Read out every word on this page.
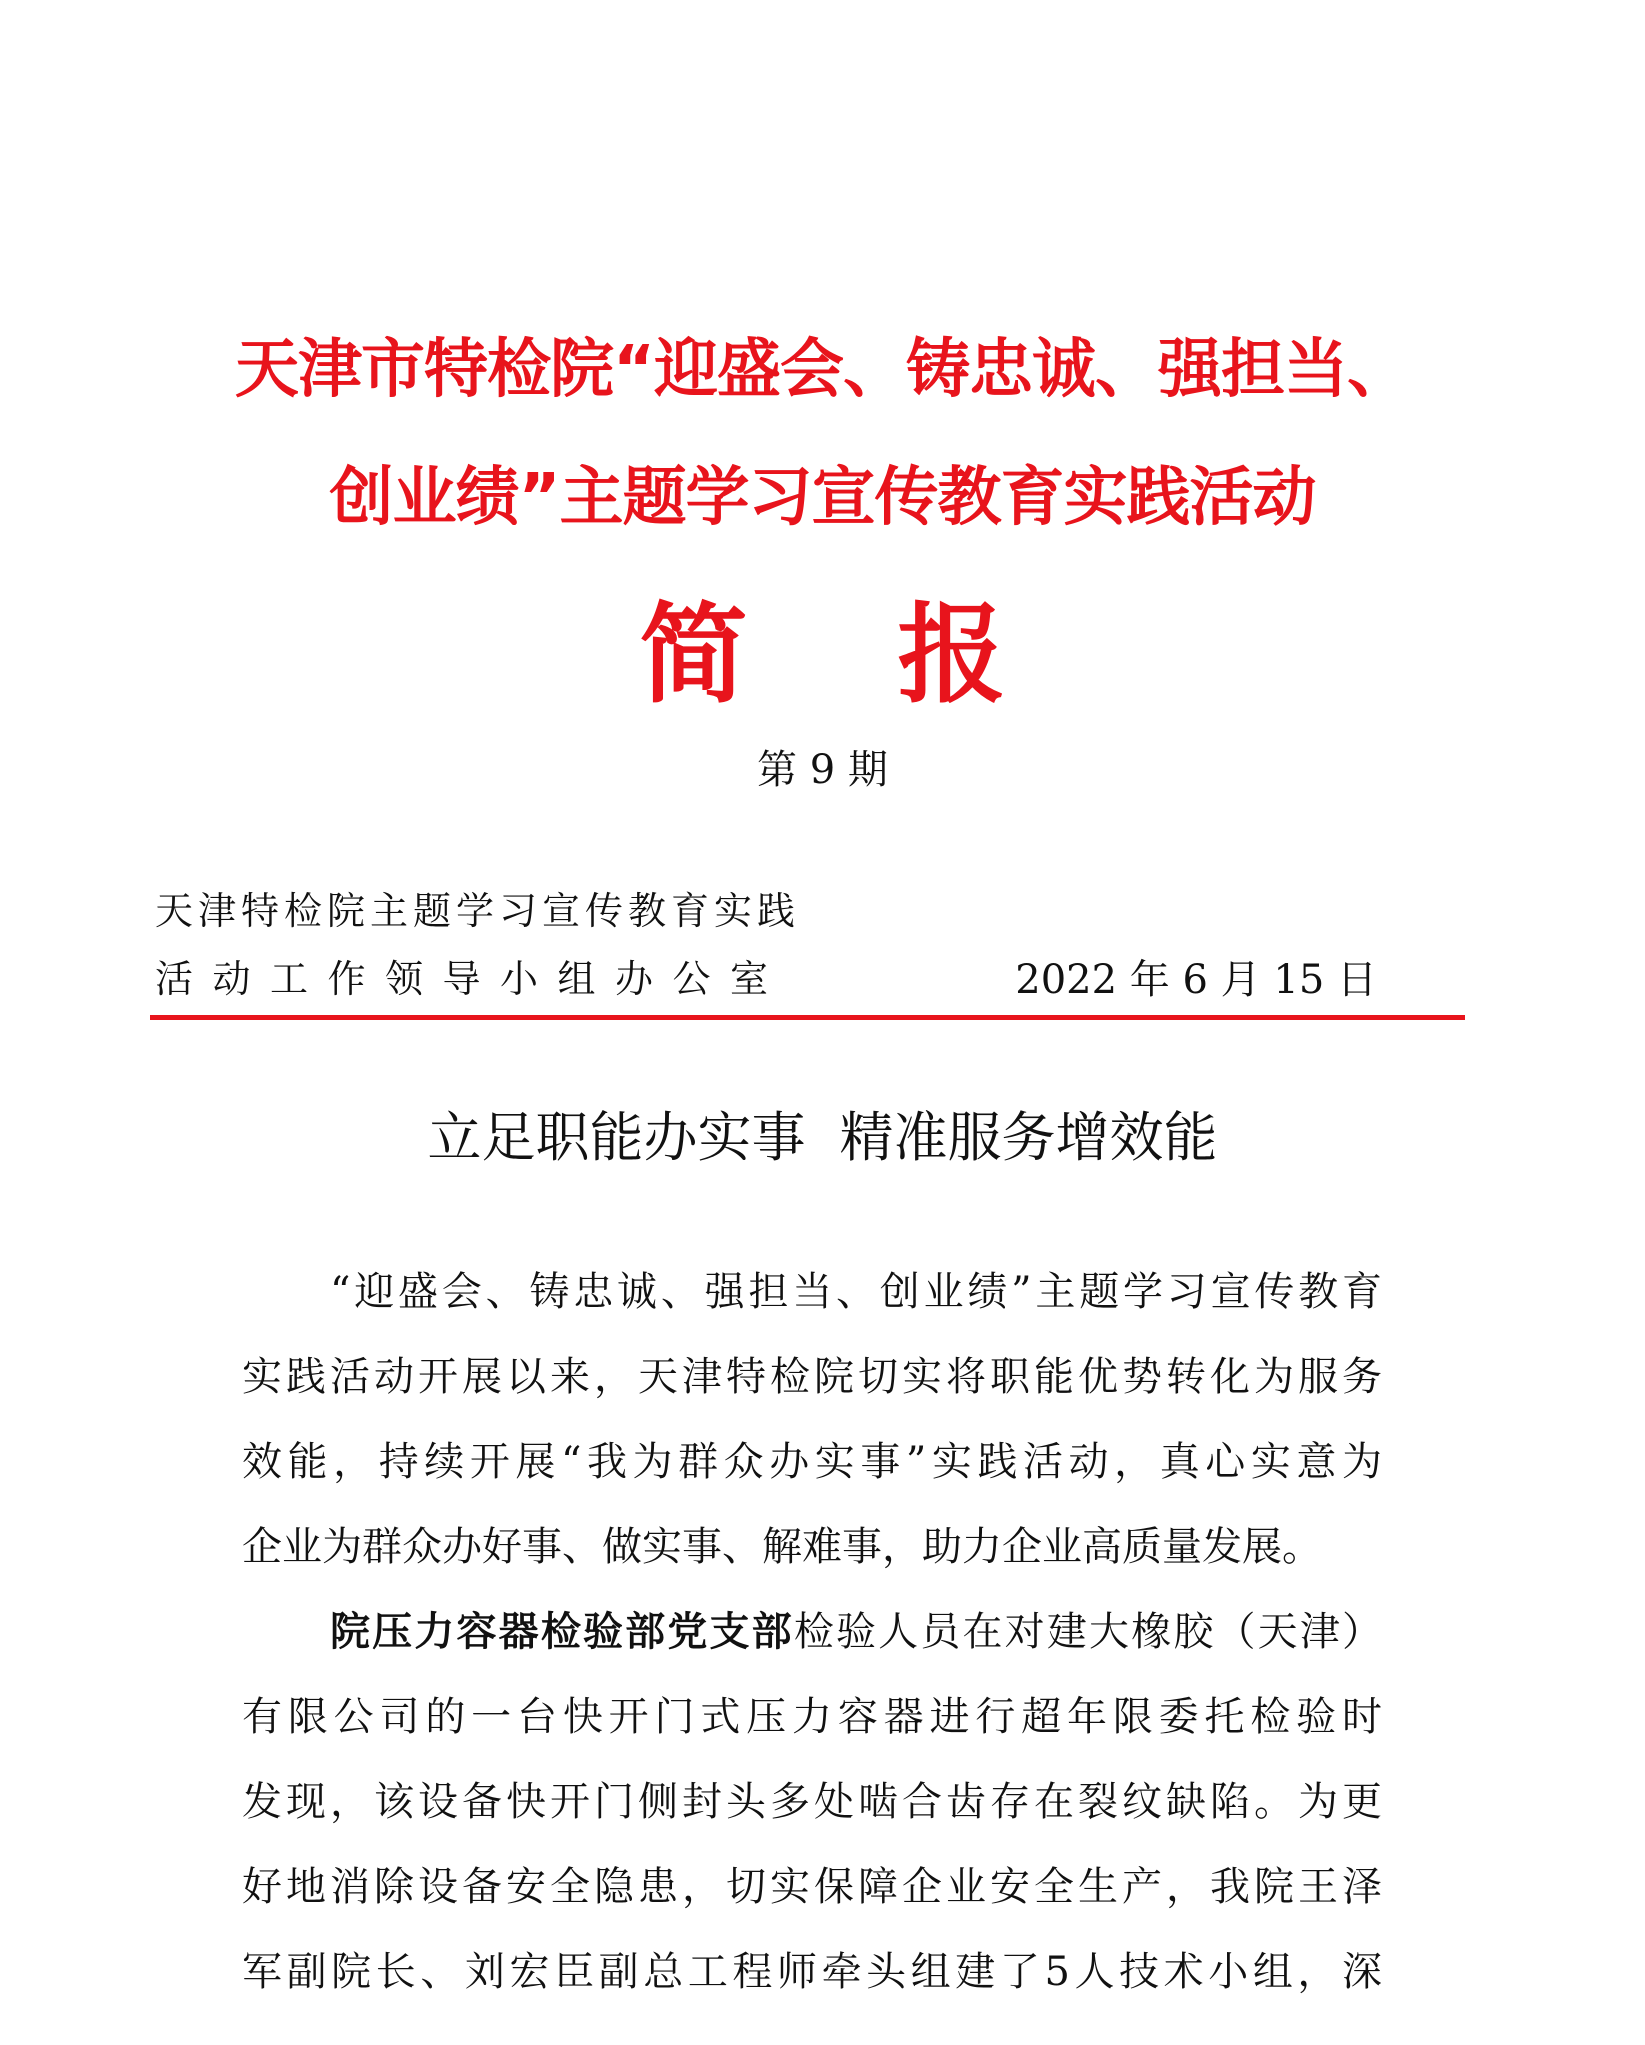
天津市特检院“迎盛会、铸忠诚、强担当、
创业绩”主题学习宣传教育实践活动
简 报
第 9 期
天津特检院主题学习宣传教育实践
活动工作领导小组办公室	2022 年 6 月 15 日
立足职能办实事 精准服务增效能
“迎盛会、铸忠诚、强担当、创业绩”主题学习宣传教育
实践活动开展以来，天津特检院切实将职能优势转化为服务
效能，持续开展“我为群众办实事”实践活动，真心实意为
企业为群众办好事、做实事、解难事，助力企业高质量发展。
院压力容器检验部党支部检验人员在对建大橡胶（天津）
有限公司的一台快开门式压力容器进行超年限委托检验时
发现，该设备快开门侧封头多处啮合齿存在裂纹缺陷。为更
好地消除设备安全隐患，切实保障企业安全生产，我院王泽
军副院长、刘宏臣副总工程师牵头组建了5人技术小组，深
